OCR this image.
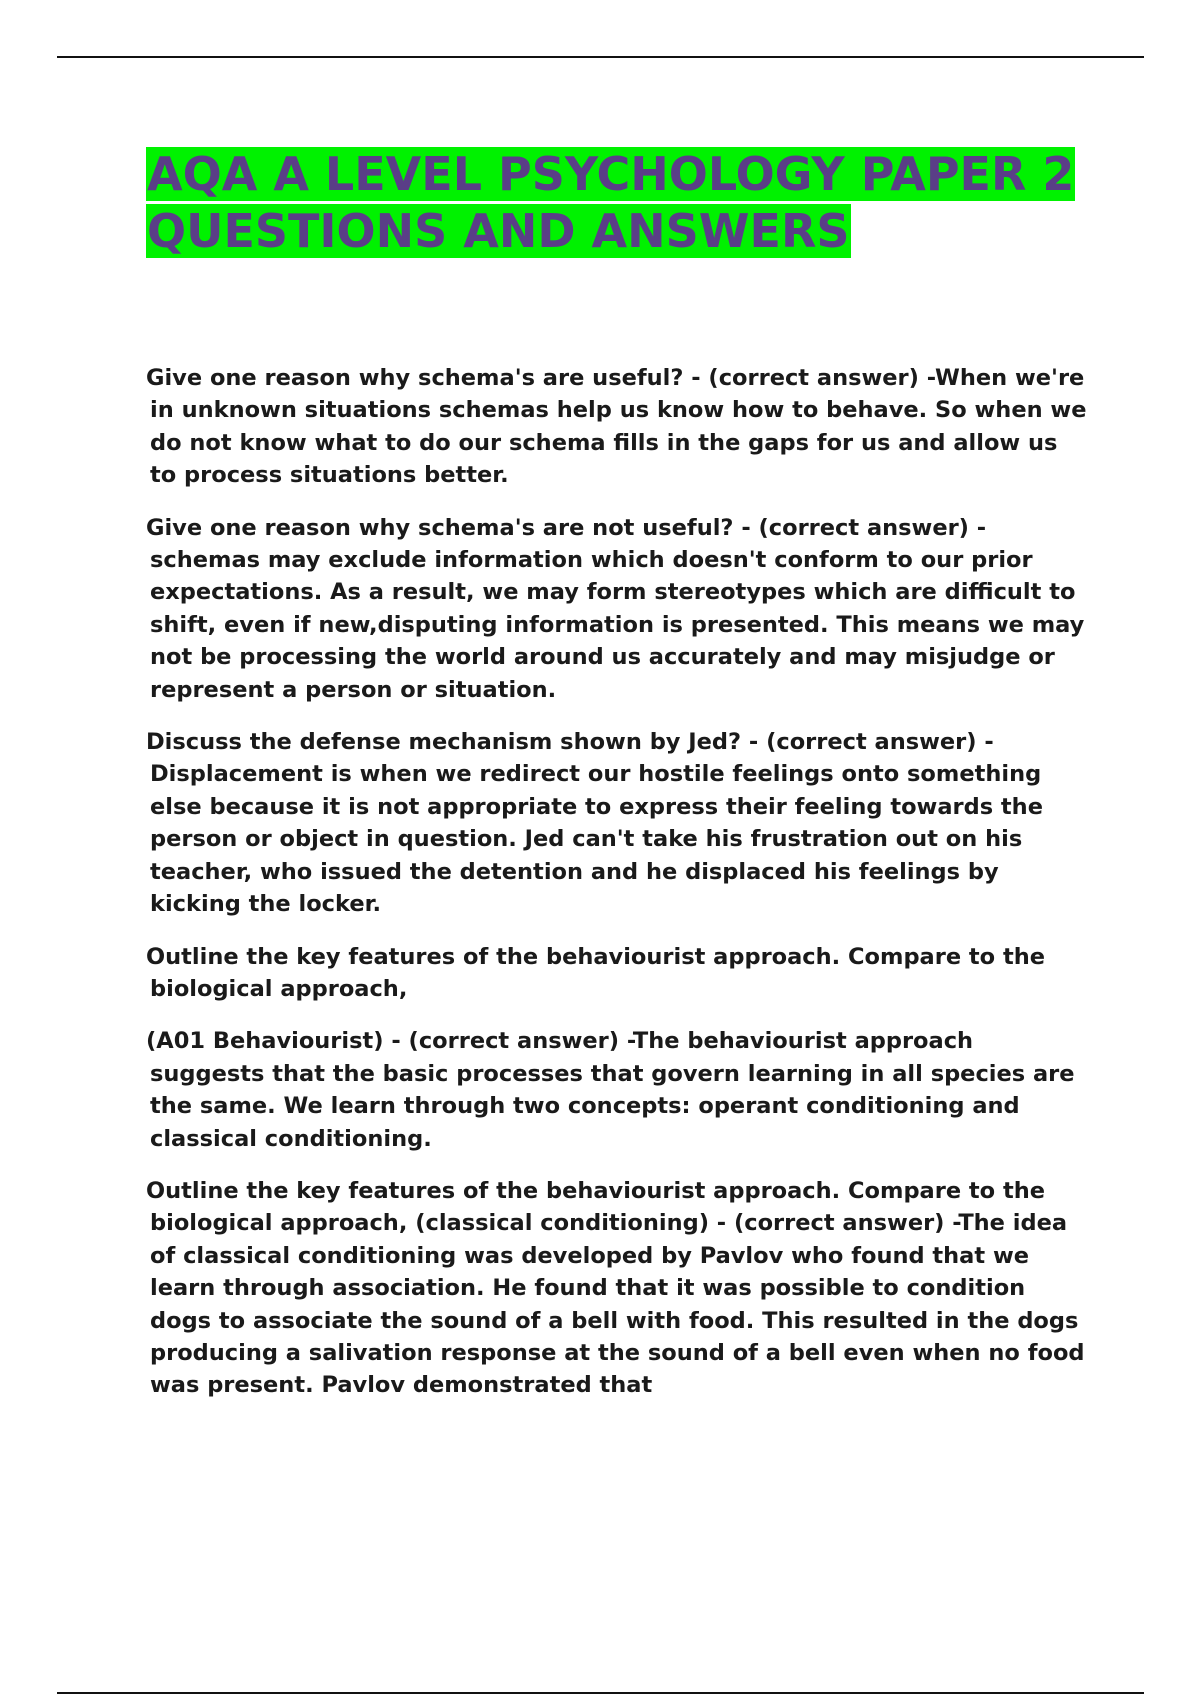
AQA A LEVEL PSYCHOLOGY PAPER 2 QUESTIONS AND ANSWERS

Give one reason why schema's are useful? - (correct answer) -When we're in unknown situations schemas help us know how to behave. So when we do not know what to do our schema fills in the gaps for us and allow us to process situations better.

Give one reason why schema's are not useful? - (correct answer) -schemas may exclude information which doesn't conform to our prior expectations. As a result, we may form stereotypes which are difficult to shift, even if new,disputing information is presented. This means we may not be processing the world around us accurately and may misjudge or represent a person or situation.

Discuss the defense mechanism shown by Jed? - (correct answer) -Displacement is when we redirect our hostile feelings onto something else because it is not appropriate to express their feeling towards the person or object in question. Jed can't take his frustration out on his teacher, who issued the detention and he displaced his feelings by kicking the locker.

Outline the key features of the behaviourist approach. Compare to the biological approach,

(A01 Behaviourist) - (correct answer) -The behaviourist approach suggests that the basic processes that govern learning in all species are the same. We learn through two concepts: operant conditioning and classical conditioning.

Outline the key features of the behaviourist approach. Compare to the biological approach, (classical conditioning) - (correct answer) -The idea of classical conditioning was developed by Pavlov who found that we learn through association. He found that it was possible to condition dogs to associate the sound of a bell with food. This resulted in the dogs producing a salivation response at the sound of a bell even when no food was present. Pavlov demonstrated that
